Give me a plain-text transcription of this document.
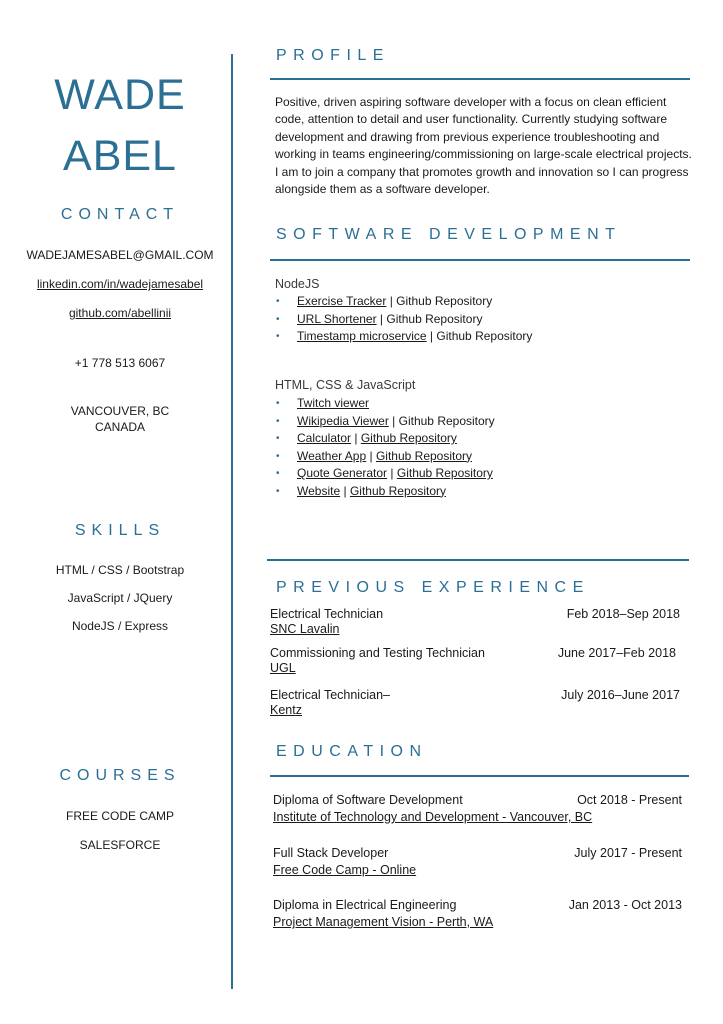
WADE
ABEL
CONTACT
WADEJAMESABEL@GMAIL.COM
linkedin.com/in/wadejamesabel
github.com/abellinii
+1 778 513 6067
VANCOUVER, BC
CANADA
SKILLS
HTML / CSS / Bootstrap
JavaScript / JQuery
NodeJS / Express
COURSES
FREE CODE CAMP
SALESFORCE
PROFILE
Positive, driven aspiring software developer with a focus on clean efficient code, attention to detail and user functionality. Currently studying software development and drawing from previous experience troubleshooting and working in teams engineering/commissioning on large-scale electrical projects. I am to join a company that promotes growth and innovation so I can progress alongside them as a software developer.
SOFTWARE DEVELOPMENT
NodeJS
• Exercise Tracker | Github Repository
• URL Shortener | Github Repository
• Timestamp microservice | Github Repository
HTML, CSS & JavaScript
• Twitch viewer
• Wikipedia Viewer | Github Repository
• Calculator | Github Repository
• Weather App | Github Repository
• Quote Generator | Github Repository
• Website | Github Repository
PREVIOUS EXPERIENCE
Electrical Technician	Feb 2018–Sep 2018
SNC Lavalin
Commissioning and Testing Technician	June 2017–Feb 2018
UGL
Electrical Technician–	July 2016–June 2017
Kentz
EDUCATION
Diploma of Software Development	Oct 2018 - Present
Institute of Technology and Development - Vancouver, BC
Full Stack Developer	July 2017 - Present
Free Code Camp - Online
Diploma in Electrical Engineering	Jan 2013 - Oct 2013
Project Management Vision - Perth, WA
